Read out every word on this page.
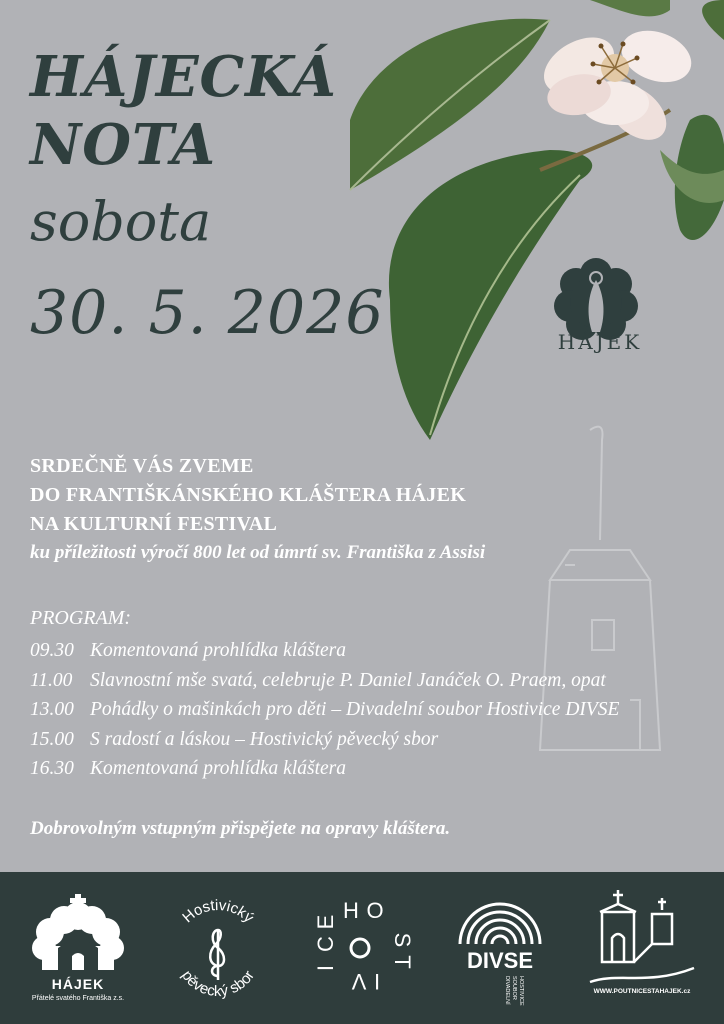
HÁJECKÁ
NOTA
sobota
30. 5. 2026	HÁJEK
SRDEČNĚ VÁS ZVEME
DO FRANTIŠKÁNSKÉHO KLÁŠTERA HÁJEK
NA KULTURNÍ FESTIVAL
ku příležitosti výročí 800 let od úmrtí sv. Františka z Assisi
PROGRAM:
09.30 Komentovaná prohlídka kláštera
11.00 Slavnostní mše svatá, celebruje P. Daniel Janáček O. Praem, opat
13.00 Pohádky o mašinkách pro děti – Divadelní soubor Hostivice DIVSE
15.00 S radostí a láskou – Hostivický pěvecký sbor
16.30 Komentovaná prohlídka kláštera
Dobrovolným vstupným přispějete na opravy kláštera.
HÁJEK
Přátelé svatého Františka z.s.
Hostivický
pěvecký sbor
H O
S
T
I
V
I
C
E
DIVSE
DIVADELNÍ SOUBOR HOSTIVICE	WWW.POUTNICESTAHAJEK.cz
